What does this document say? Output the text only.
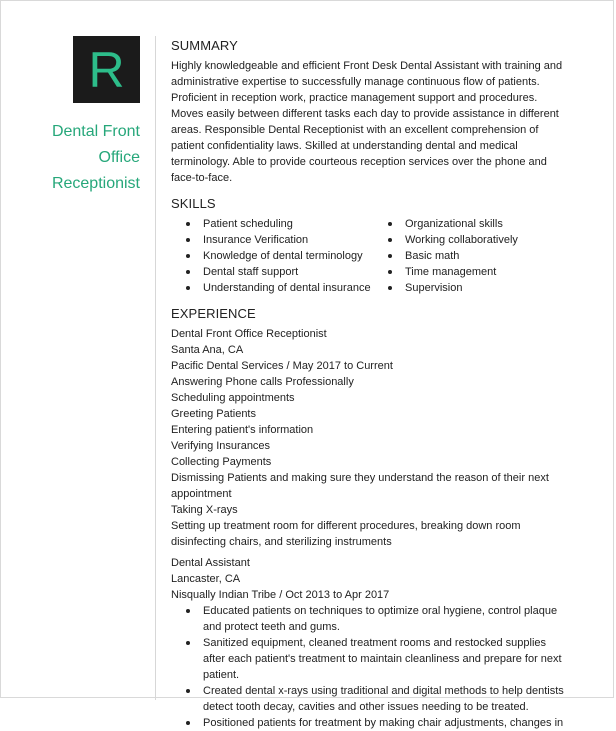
R
Dental Front
Office
Receptionist
SUMMARY

Highly knowledgeable and efficient Front Desk Dental Assistant with training and administrative expertise to successfully manage continuous flow of patients. Proficient in reception work, practice management support and procedures. Moves easily between different tasks each day to provide assistance in different areas. Responsible Dental Receptionist with an excellent comprehension of patient confidentiality laws. Skilled at understanding dental and medical terminology. Able to provide courteous reception services over the phone and face-to-face.

SKILLS
Patient scheduling
Insurance Verification
Knowledge of dental terminology
Dental staff support
Understanding of dental insurance
Organizational skills
Working collaboratively
Basic math
Time management
Supervision
EXPERIENCE

Dental Front Office Receptionist

Santa Ana, CA

Pacific Dental Services / May 2017 to Current

Answering Phone calls Professionally

Scheduling appointments

Greeting Patients

Entering patient's information

Verifying Insurances

Collecting Payments

Dismissing Patients and making sure they understand the reason of their next appointment

Taking X-rays

Setting up treatment room for different procedures, breaking down room disinfecting chairs, and sterilizing instruments

Dental Assistant

Lancaster, CA

Nisqually Indian Tribe / Oct 2013 to Apr 2017

Educated patients on techniques to optimize oral hygiene, control plaque and protect teeth and gums.
Sanitized equipment, cleaned treatment rooms and restocked supplies after each patient's treatment to maintain cleanliness and prepare for next patient.
Created dental x-rays using traditional and digital methods to help dentists detect tooth decay, cavities and other issues needing to be treated.
Positioned patients for treatment by making chair adjustments, changes in
